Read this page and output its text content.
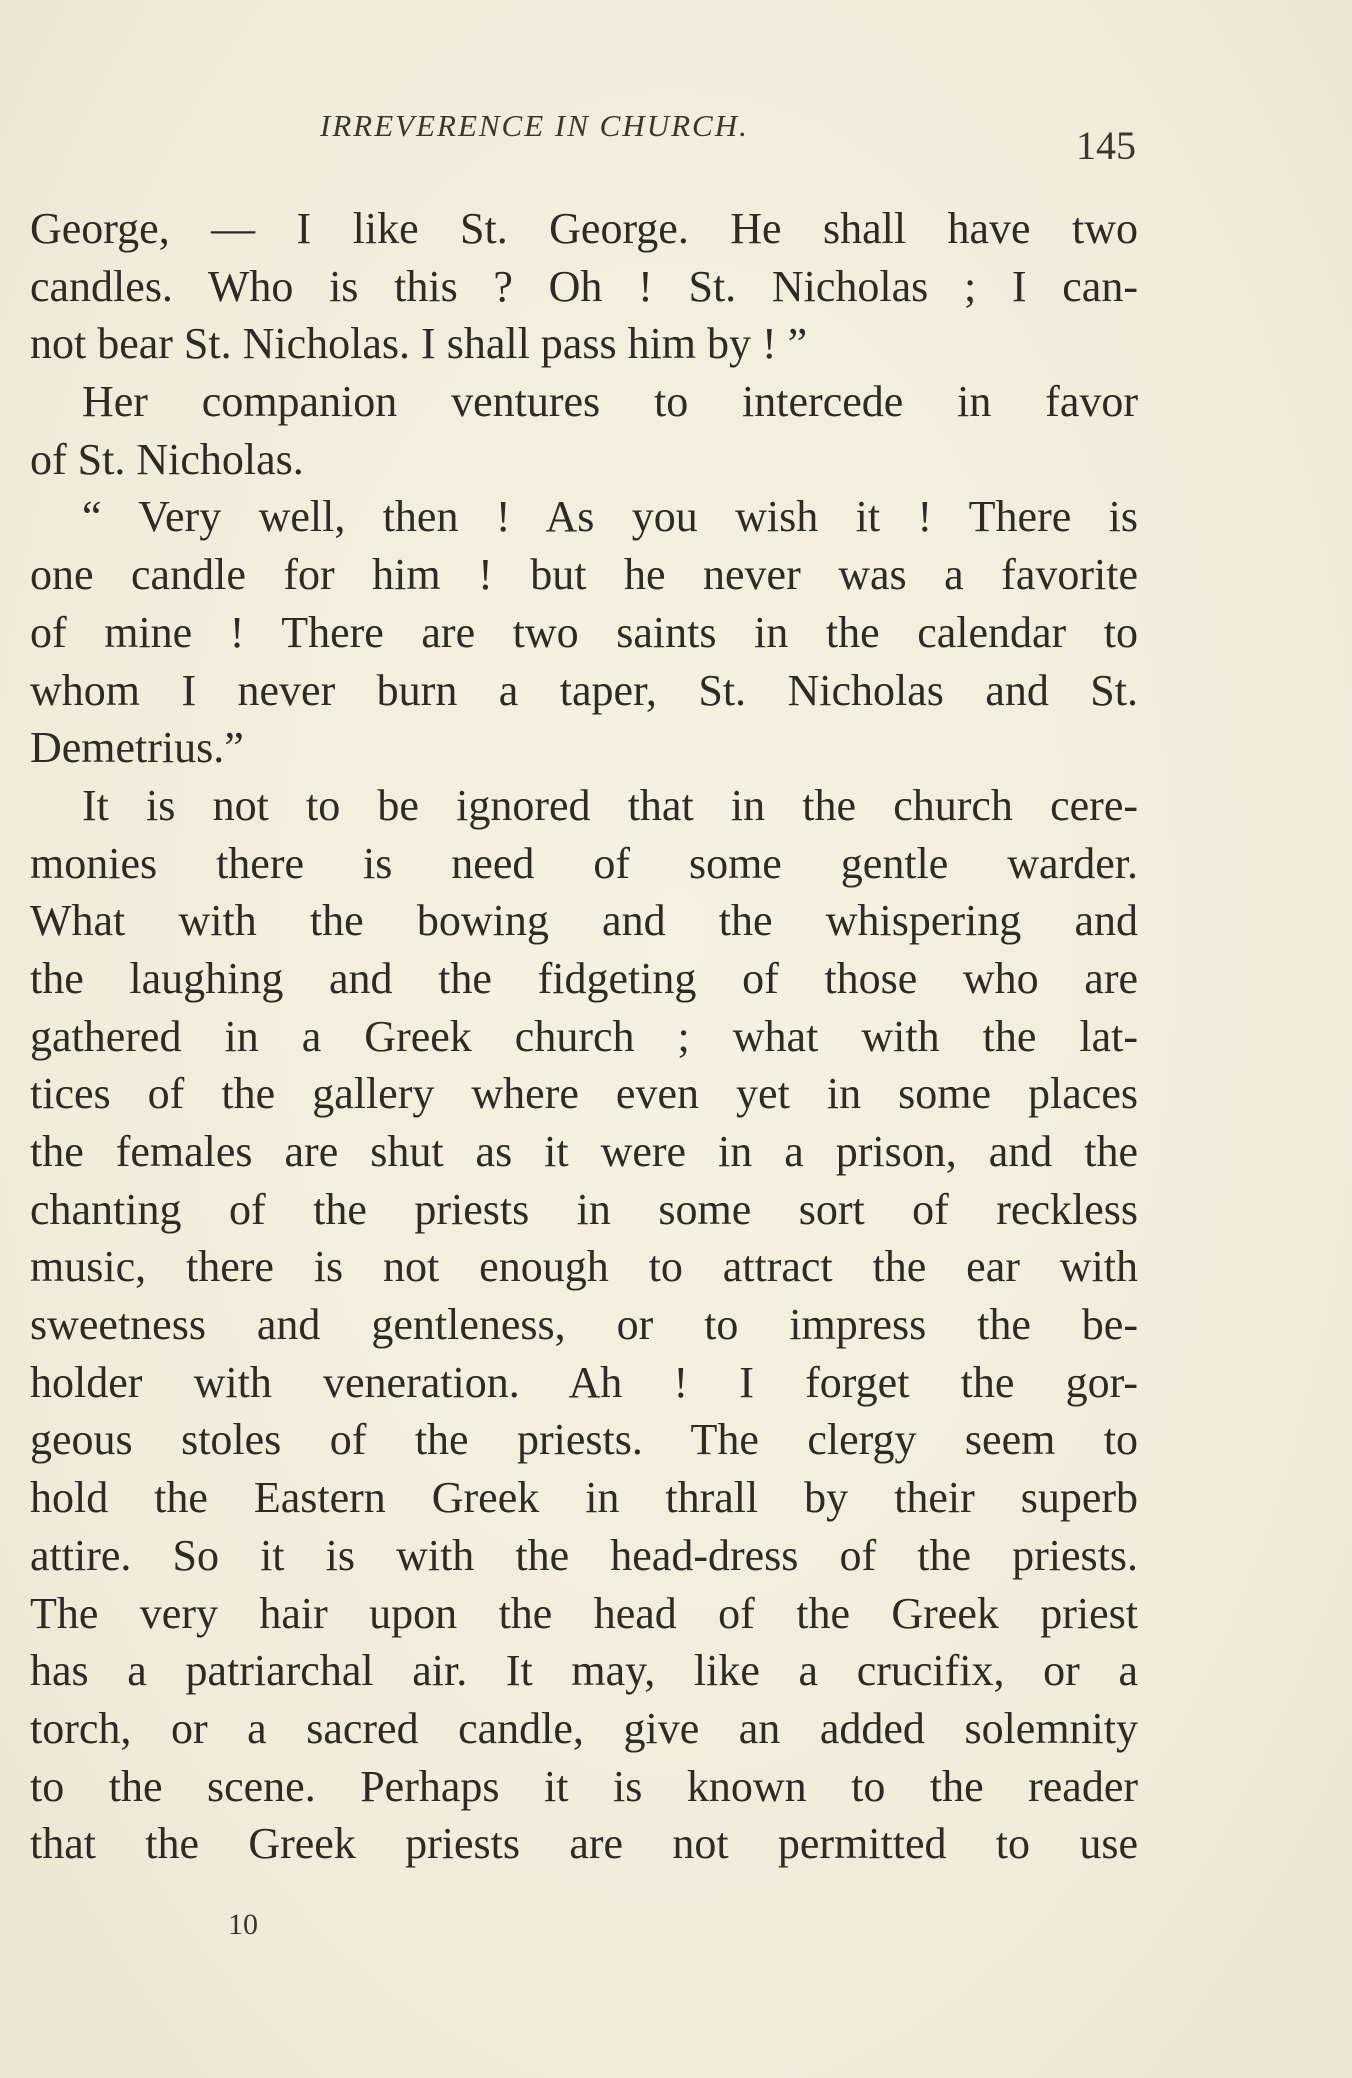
IRREVERENCE IN CHURCH.	145
George, — I like St. George. He shall have two
candles. Who is this ? Oh ! St. Nicholas ; I can-
not bear St. Nicholas. I shall pass him by ! ”
Her companion ventures to intercede in favor
of St. Nicholas.
“ Very well, then ! As you wish it ! There is
one candle for him ! but he never was a favorite
of mine ! There are two saints in the calendar to
whom I never burn a taper, St. Nicholas and St.
Demetrius.”
It is not to be ignored that in the church cere-
monies there is need of some gentle warder.
What with the bowing and the whispering and
the laughing and the fidgeting of those who are
gathered in a Greek church ; what with the lat-
tices of the gallery where even yet in some places
the females are shut as it were in a prison, and the
chanting of the priests in some sort of reckless
music, there is not enough to attract the ear with
sweetness and gentleness, or to impress the be-
holder with veneration. Ah ! I forget the gor-
geous stoles of the priests. The clergy seem to
hold the Eastern Greek in thrall by their superb
attire. So it is with the head-dress of the priests.
The very hair upon the head of the Greek priest
has a patriarchal air. It may, like a crucifix, or a
torch, or a sacred candle, give an added solemnity
to the scene. Perhaps it is known to the reader
that the Greek priests are not permitted to use
10
